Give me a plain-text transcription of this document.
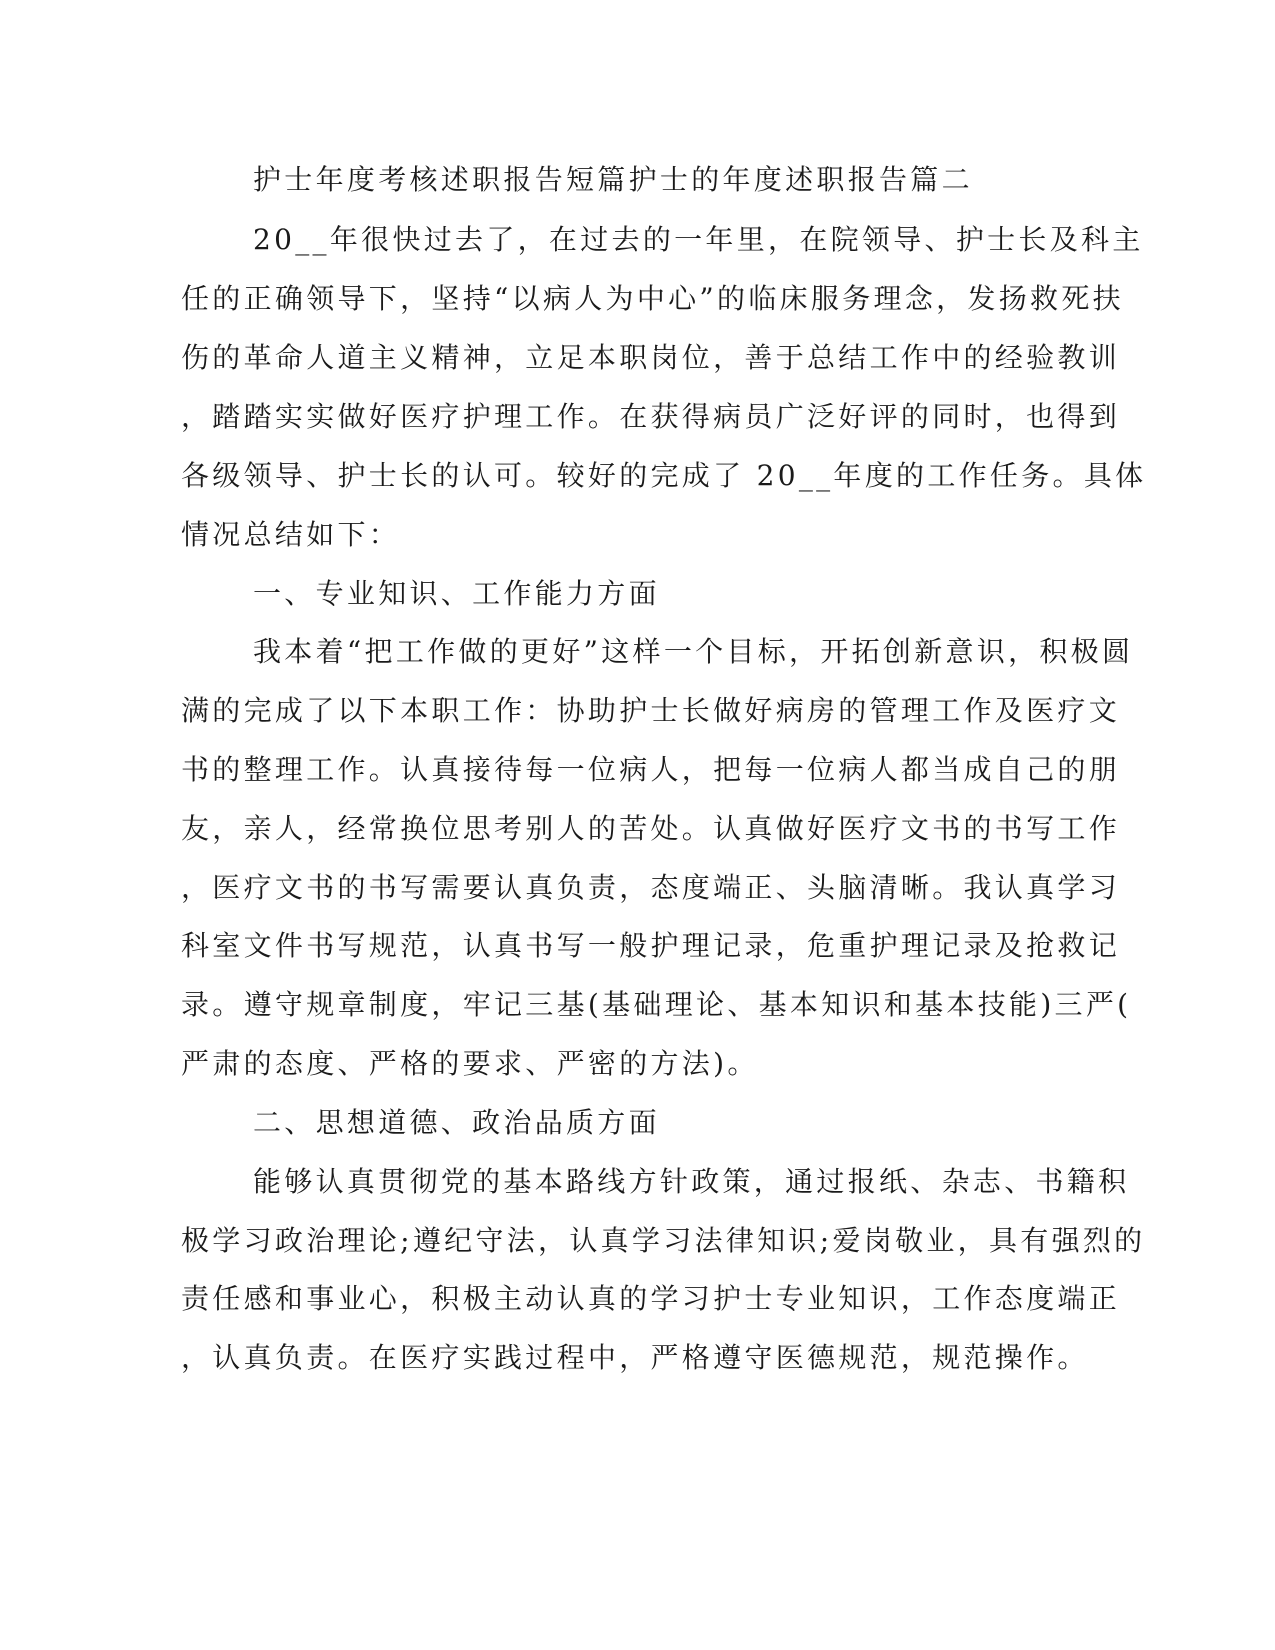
护士年度考核述职报告短篇护士的年度述职报告篇二

20__年很快过去了，在过去的一年里，在院领导、护士长及科主

任的正确领导下，坚持“以病人为中心”的临床服务理念，发扬救死扶

伤的革命人道主义精神，立足本职岗位，善于总结工作中的经验教训

，踏踏实实做好医疗护理工作。在获得病员广泛好评的同时，也得到

各级领导、护士长的认可。较好的完成了 20__年度的工作任务。具体

情况总结如下：

一、专业知识、工作能力方面

我本着“把工作做的更好”这样一个目标，开拓创新意识，积极圆

满的完成了以下本职工作：协助护士长做好病房的管理工作及医疗文

书的整理工作。认真接待每一位病人，把每一位病人都当成自己的朋

友，亲人，经常换位思考别人的苦处。认真做好医疗文书的书写工作

，医疗文书的书写需要认真负责，态度端正、头脑清晰。我认真学习

科室文件书写规范，认真书写一般护理记录，危重护理记录及抢救记

录。遵守规章制度，牢记三基(基础理论、基本知识和基本技能)三严(

严肃的态度、严格的要求、严密的方法)。

二、思想道德、政治品质方面

能够认真贯彻党的基本路线方针政策，通过报纸、杂志、书籍积

极学习政治理论;遵纪守法，认真学习法律知识;爱岗敬业，具有强烈的

责任感和事业心，积极主动认真的学习护士专业知识，工作态度端正

，认真负责。在医疗实践过程中，严格遵守医德规范，规范操作。
